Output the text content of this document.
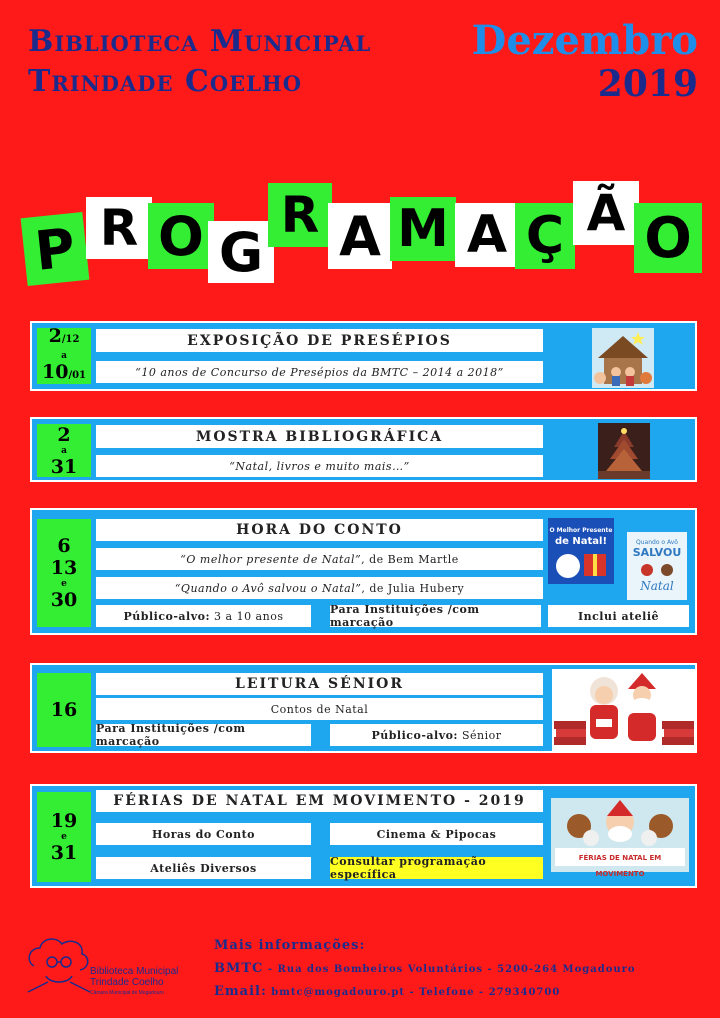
Biblioteca Municipal
Trindade Coelho
Dezembro
2019
P R O G
R A M A Ç Ã O
2/12
a
10/01
EXPOSIÇÃO DE PRESÉPIOS
“10 anos de Concurso de Presépios da BMTC – 2014 a 2018”
2
a
31
MOSTRA BIBLIOGRÁFICA
“Natal, livros e muito mais…”
6
13
e
30
HORA DO CONTO
“O melhor presente de Natal” , de Bem Martle
“Quando o Avô salvou o Natal” , de Julia Hubery
Público-alvo: 3 a 10 anos	Para Instituições /com marcação	Inclui ateliê
O Melhor Presente
de Natal!	Quando o Avô
SALVOU
Natal
16
LEITURA SÉNIOR
Contos de Natal
Para Instituições /com marcação	Público-alvo: Sénior
19
e
31
FÉRIAS DE NATAL EM MOVIMENTO - 2019
Horas do Conto	Cinema & Pipocas
Ateliês Diversos	Consultar programação específica
FÉRIAS DE NATAL EM MOVIMENTO
Biblioteca Municipal
Trindade Coelho
Câmara Municipal de Mogadouro
Mais informações:
BMTC - Rua dos Bombeiros Voluntários - 5200-264 Mogadouro
Email: bmtc@mogadouro.pt - Telefone - 279340700
